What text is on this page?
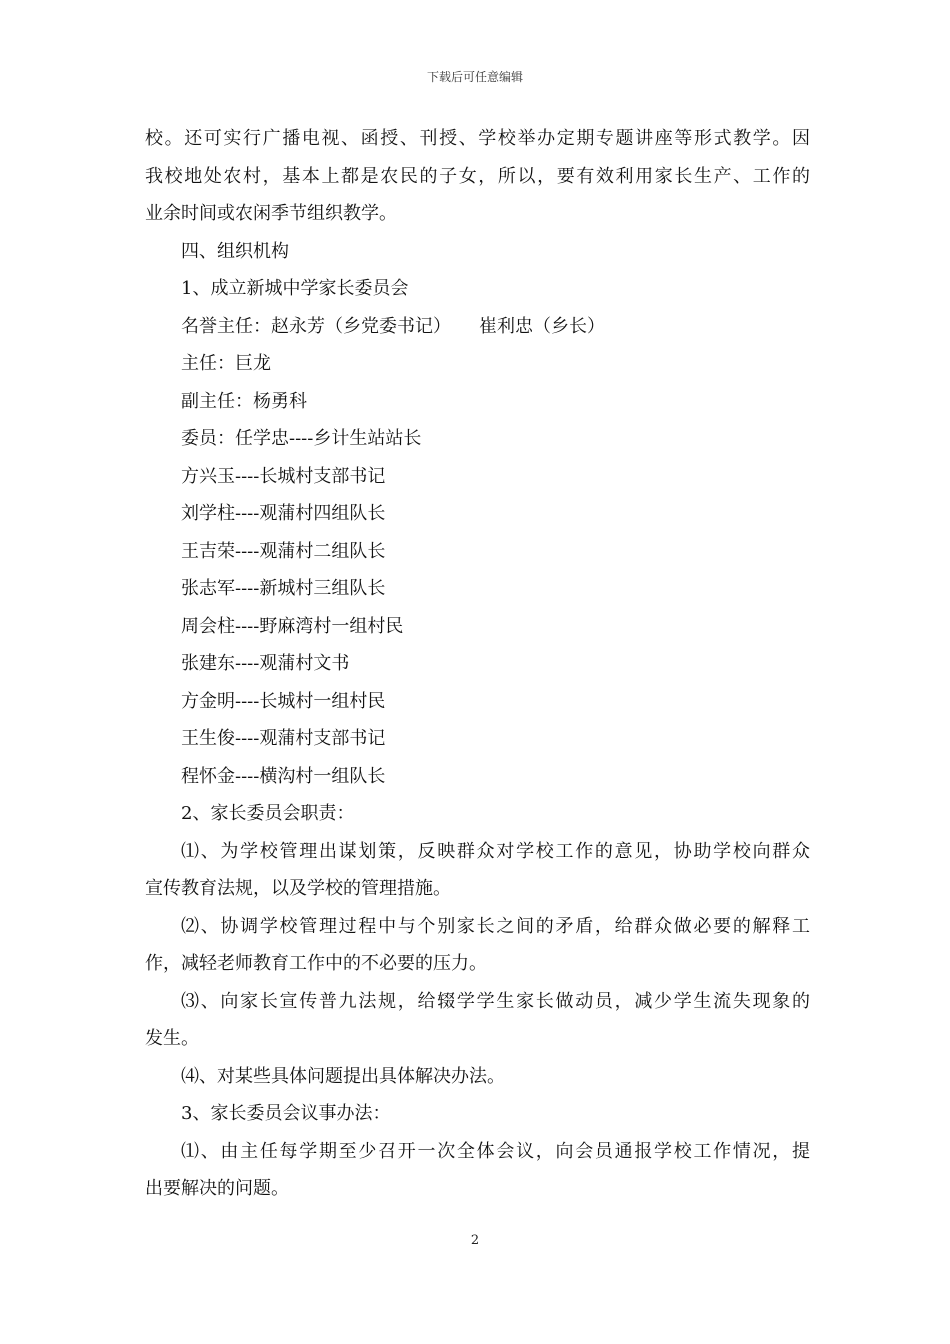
下载后可任意编辑
校。还可实行广播电视、函授、刊授、学校举办定期专题讲座等形式教学。因
我校地处农村，基本上都是农民的子女，所以，要有效利用家长生产、工作的
业余时间或农闲季节组织教学。
四、组织机构
1、成立新城中学家长委员会
名誉主任：赵永芳（乡党委书记） 崔利忠（乡长）
主任：巨龙
副主任：杨勇科
委员：任学忠----乡计生站站长
方兴玉----长城村支部书记
刘学柱----观蒲村四组队长
王吉荣----观蒲村二组队长
张志军----新城村三组队长
周会柱----野麻湾村一组村民
张建东----观蒲村文书
方金明----长城村一组村民
王生俊----观蒲村支部书记
程怀金----横沟村一组队长
2、家长委员会职责：
⑴、为学校管理出谋划策，反映群众对学校工作的意见，协助学校向群众
宣传教育法规，以及学校的管理措施。
⑵、协调学校管理过程中与个别家长之间的矛盾，给群众做必要的解释工
作，减轻老师教育工作中的不必要的压力。
⑶、向家长宣传普九法规，给辍学学生家长做动员，减少学生流失现象的
发生。
⑷、对某些具体问题提出具体解决办法。
3、家长委员会议事办法：
⑴、由主任每学期至少召开一次全体会议，向会员通报学校工作情况，提
出要解决的问题。
2
